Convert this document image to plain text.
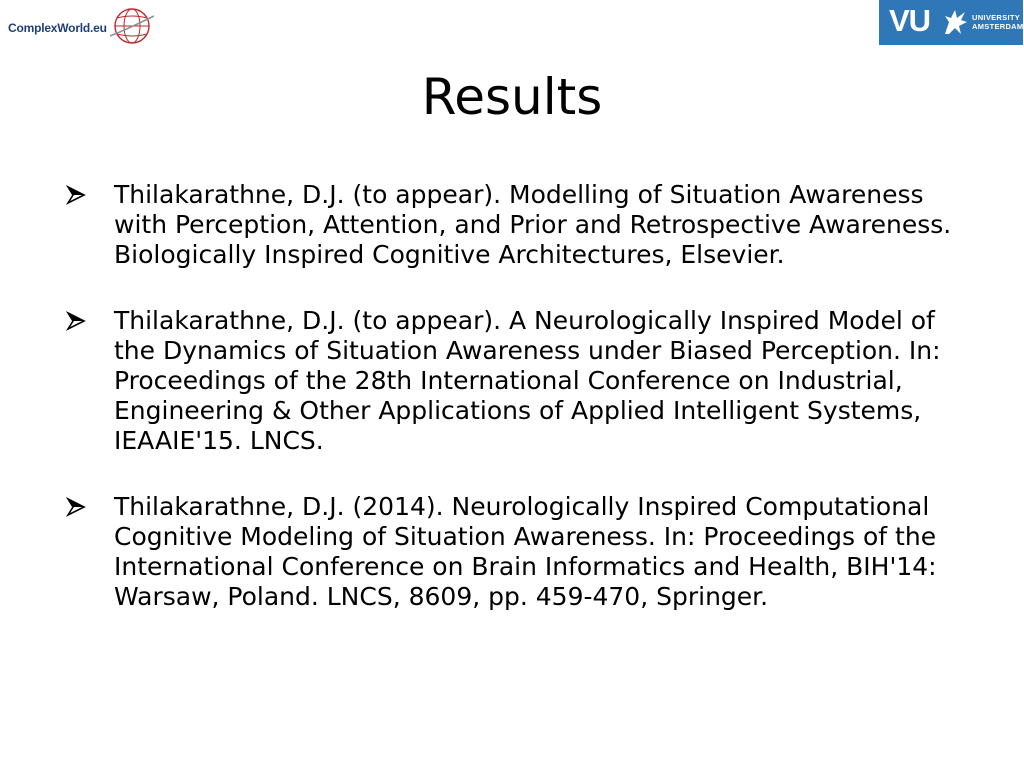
ComplexWorld.eu	VU	UNIVERSITY
AMSTERDAM
Results
Thilakarathne, D.J. (to appear). Modelling of Situation Awareness with Perception, Attention, and Prior and Retrospective Awareness. Biologically Inspired Cognitive Architectures, Elsevier.
Thilakarathne, D.J. (to appear). A Neurologically Inspired Model of the Dynamics of Situation Awareness under Biased Perception. In: Proceedings of the 28th International Conference on Industrial, Engineering & Other Applications of Applied Intelligent Systems, IEAAIE'15. LNCS.
Thilakarathne, D.J. (2014). Neurologically Inspired Computational Cognitive Modeling of Situation Awareness. In: Proceedings of the International Conference on Brain Informatics and Health, BIH'14: Warsaw, Poland. LNCS, 8609, pp. 459-470, Springer.
